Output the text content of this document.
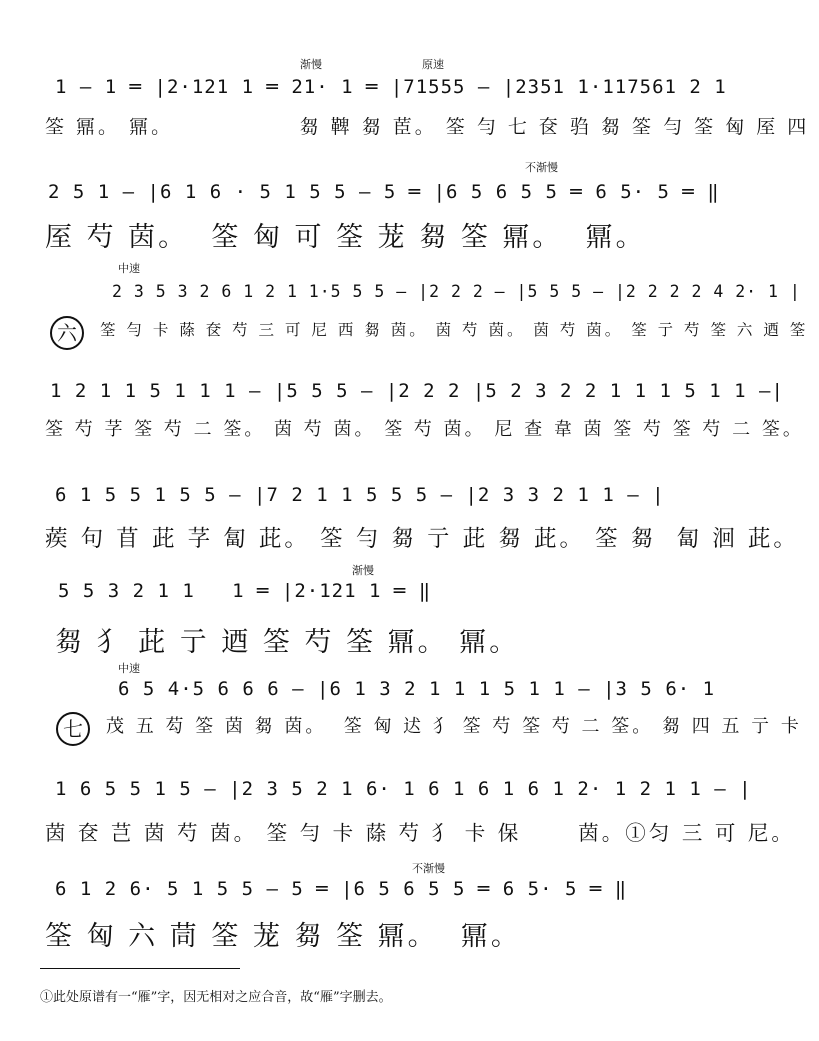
渐慢	原速
1 — 1 ═ |2·121 1 ═ 21· 1 ═ |71555 — |2351 1·117561 2 1
筌 鼏。 鼏。              芻 鞞 芻 茞。 筌 勻 七 奁 驺 芻 筌 勻 筌 匈 厔 四
不渐慢
2 5 1 — |6 1 6 · 5 1 5 5 — 5 ═ |6 5 6 5 5 ═ 6 5· 5 ═ ‖
厔 芍 茵。  筌 匈 可 筌 茏 芻 筌 鼏。  鼏。
中速
2 3 5 3 2 6 1 2 1 1·5 5 5 — |2 2 2 — |5 5 5 — |2 2 2 2 4 2· 1 |
六	筌 勻 卡 蒢 奁 芍 三 可 尼 西 芻 茵。 茵 芍 茵。 茵 芍 茵。 筌 亍 芍 筌 六 迺 筌
1 2 1 1 5 1 1 1 — |5 5 5 — |2 2 2 |5 2 3 2 2 1 1 1 5 1 1 —|
筌 芍 芓 筌 芍 二 筌。 茵 芍 茵。 筌 芍 茵。 尼 查 韋 茵 筌 芍 筌 芍 二 筌。
6 1 5 5 1 5 5 — |7 2 1 1 5 5 5 — |2 3 3 2 1 1 — |
蒺 句 苜 茈 芓 匐 茈。 筌 勻 芻 亍 茈 芻 茈。 筌 芻  匐 洄 茈。
渐慢
5 5 3 2 1 1   1 ═ |2·121 1 ═ ‖
芻 犭 茈 亍 迺 筌 芍 筌 鼏。 鼏。
中速
6 5 4·5 6 6 6 — |6 1 3 2 1 1 1 5 1 1 — |3 5 6· 1
七	茂 五 芶 筌 茵 芻 茵。  筌 匈 迖 犭 筌 芍 筌 芍 二 筌。 芻 四 五 亍 卡
1 6 5 5 1 5 — |2 3 5 2 1 6· 1 6 1 6 1 6 1 2· 1 2 1 1 — |
茵 奁 芑 茵 芍 茵。 筌 勻 卡 蒢 芍 犭 卡 保      茵。①匀 三 可 尼。
不渐慢
6 1 2 6· 5 1 5 5 — 5 ═ |6 5 6 5 5 ═ 6 5· 5 ═ ‖
筌 匈 六 茼 筌 茏 芻 筌 鼏。  鼏。
①此处原谱有一“雁”字，因无相对之应合音，故“雁”字删去。
